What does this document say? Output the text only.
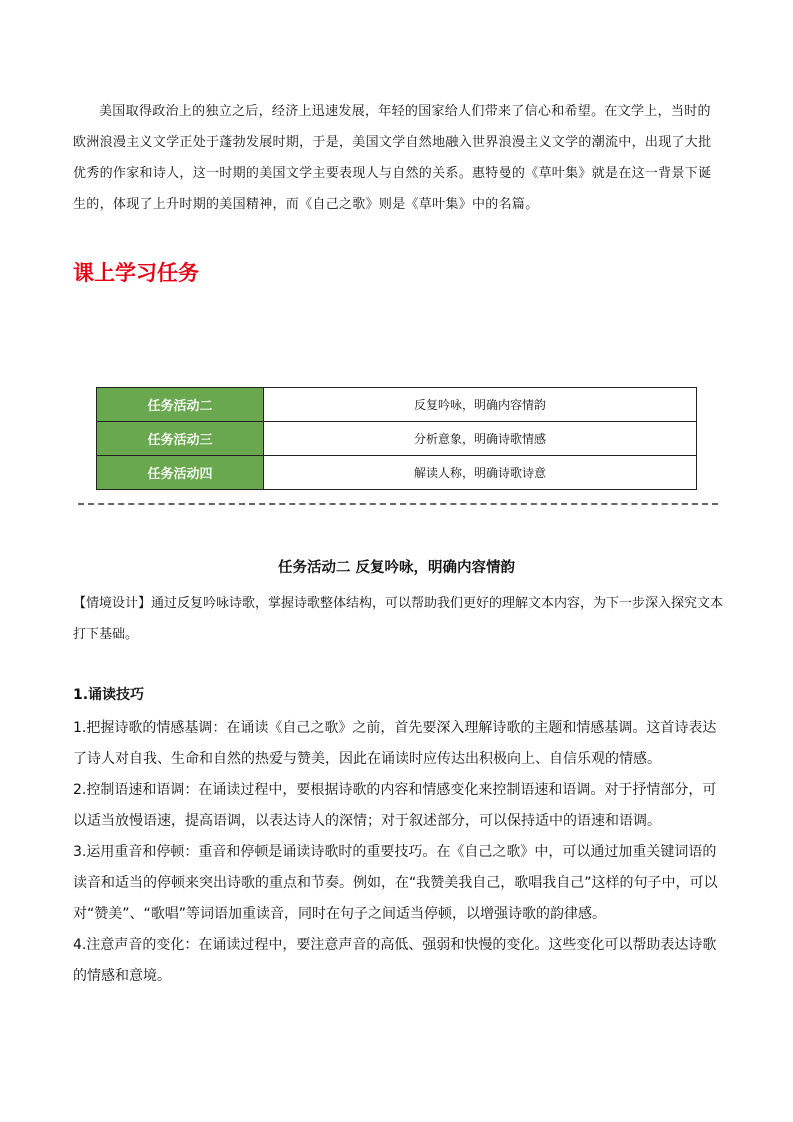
美国取得政治上的独立之后，经济上迅速发展，年轻的国家给人们带来了信心和希望。在文学上，当时的欧洲浪漫主义文学正处于蓬勃发展时期，于是，美国文学自然地融入世界浪漫主义文学的潮流中，出现了大批优秀的作家和诗人，这一时期的美国文学主要表现人与自然的关系。惠特曼的《草叶集》就是在这一背景下诞生的，体现了上升时期的美国精神，而《自己之歌》则是《草叶集》中的名篇。
课上学习任务
任务活动二	反复吟咏，明确内容情韵
任务活动三	分析意象，明确诗歌情感
任务活动四	解读人称，明确诗歌诗意
任务活动二 反复吟咏，明确内容情韵
【情境设计】通过反复吟咏诗歌，掌握诗歌整体结构，可以帮助我们更好的理解文本内容，为下一步深入探究文本打下基础。
1.诵读技巧
1.把握诗歌的情感基调：在诵读《自己之歌》之前，首先要深入理解诗歌的主题和情感基调。这首诗表达了诗人对自我、生命和自然的热爱与赞美，因此在诵读时应传达出积极向上、自信乐观的情感。
2.控制语速和语调：在诵读过程中，要根据诗歌的内容和情感变化来控制语速和语调。对于抒情部分，可以适当放慢语速，提高语调，以表达诗人的深情；对于叙述部分，可以保持适中的语速和语调。
3.运用重音和停顿：重音和停顿是诵读诗歌时的重要技巧。在《自己之歌》中，可以通过加重关键词语的读音和适当的停顿来突出诗歌的重点和节奏。例如，在“我赞美我自己，歌唱我自己”这样的句子中，可以对“赞美”、“歌唱”等词语加重读音，同时在句子之间适当停顿，以增强诗歌的韵律感。
4.注意声音的变化：在诵读过程中，要注意声音的高低、强弱和快慢的变化。这些变化可以帮助表达诗歌的情感和意境。
